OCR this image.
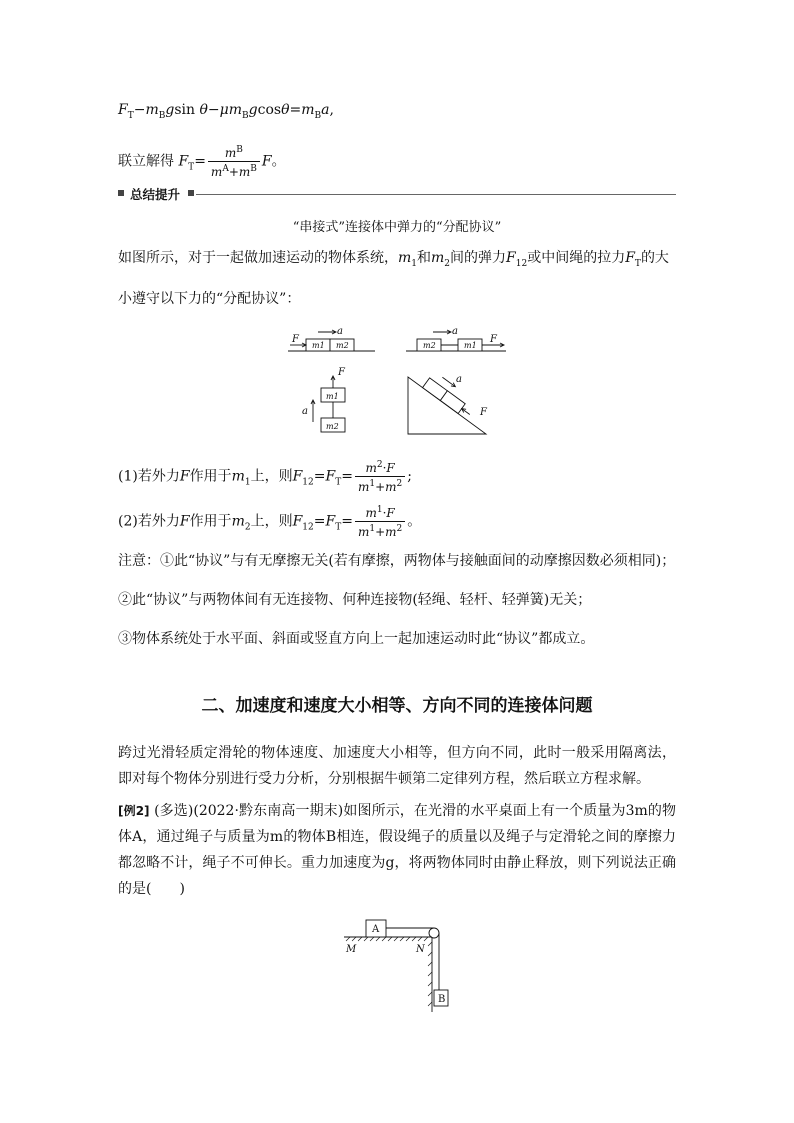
$F_T-m_Bgsin$ $\theta-\mu m_Bgcos\theta=m_Ba$,
联立解得 $F_T= \frac{m^B}{m^A+m^B}$ F。
总结提升
“串接式”连接体中弹力的“分配协议”
如图所示，对于一起做加速运动的物体系统，$m_1$和$m_2$间的弹力$F_{12}$或中间绳的拉力$F_T$的大
小遵守以下力的“分配协议”：
F
a
m1 m2
a
F
m2	m1
F
m1
m2
a
a
F
(1)若外力F作用于$m_1$上，则$F_{12}=F_T= \frac{m^2\cdot F}{m^1+m^2}$ ;
(2)若外力F作用于$m_2$上，则$F_{12}=F_T= \frac{m^1\cdot F}{m^1+m^2}$ 。
注意：①此“协议”与有无摩擦无关(若有摩擦，两物体与接触面间的动摩擦因数必须相同)；
②此“协议”与两物体间有无连接物、何种连接物(轻绳、轻杆、轻弹簧)无关；
③物体系统处于水平面、斜面或竖直方向上一起加速运动时此“协议”都成立。
二、加速度和速度大小相等、方向不同的连接体问题
跨过光滑轻质定滑轮的物体速度、加速度大小相等，但方向不同，此时一般采用隔离法，即对每个物体分别进行受力分析，分别根据牛顿第二定律列方程，然后联立方程求解。
[例2] (多选)(2022·黔东南高一期末)如图所示，在光滑的水平桌面上有一个质量为3m的物体A，通过绳子与质量为m的物体B相连，假设绳子的质量以及绳子与定滑轮之间的摩擦力都忽略不计，绳子不可伸长。重力加速度为g，将两物体同时由静止释放，则下列说法正确的是(　　)
A
B
M	N
